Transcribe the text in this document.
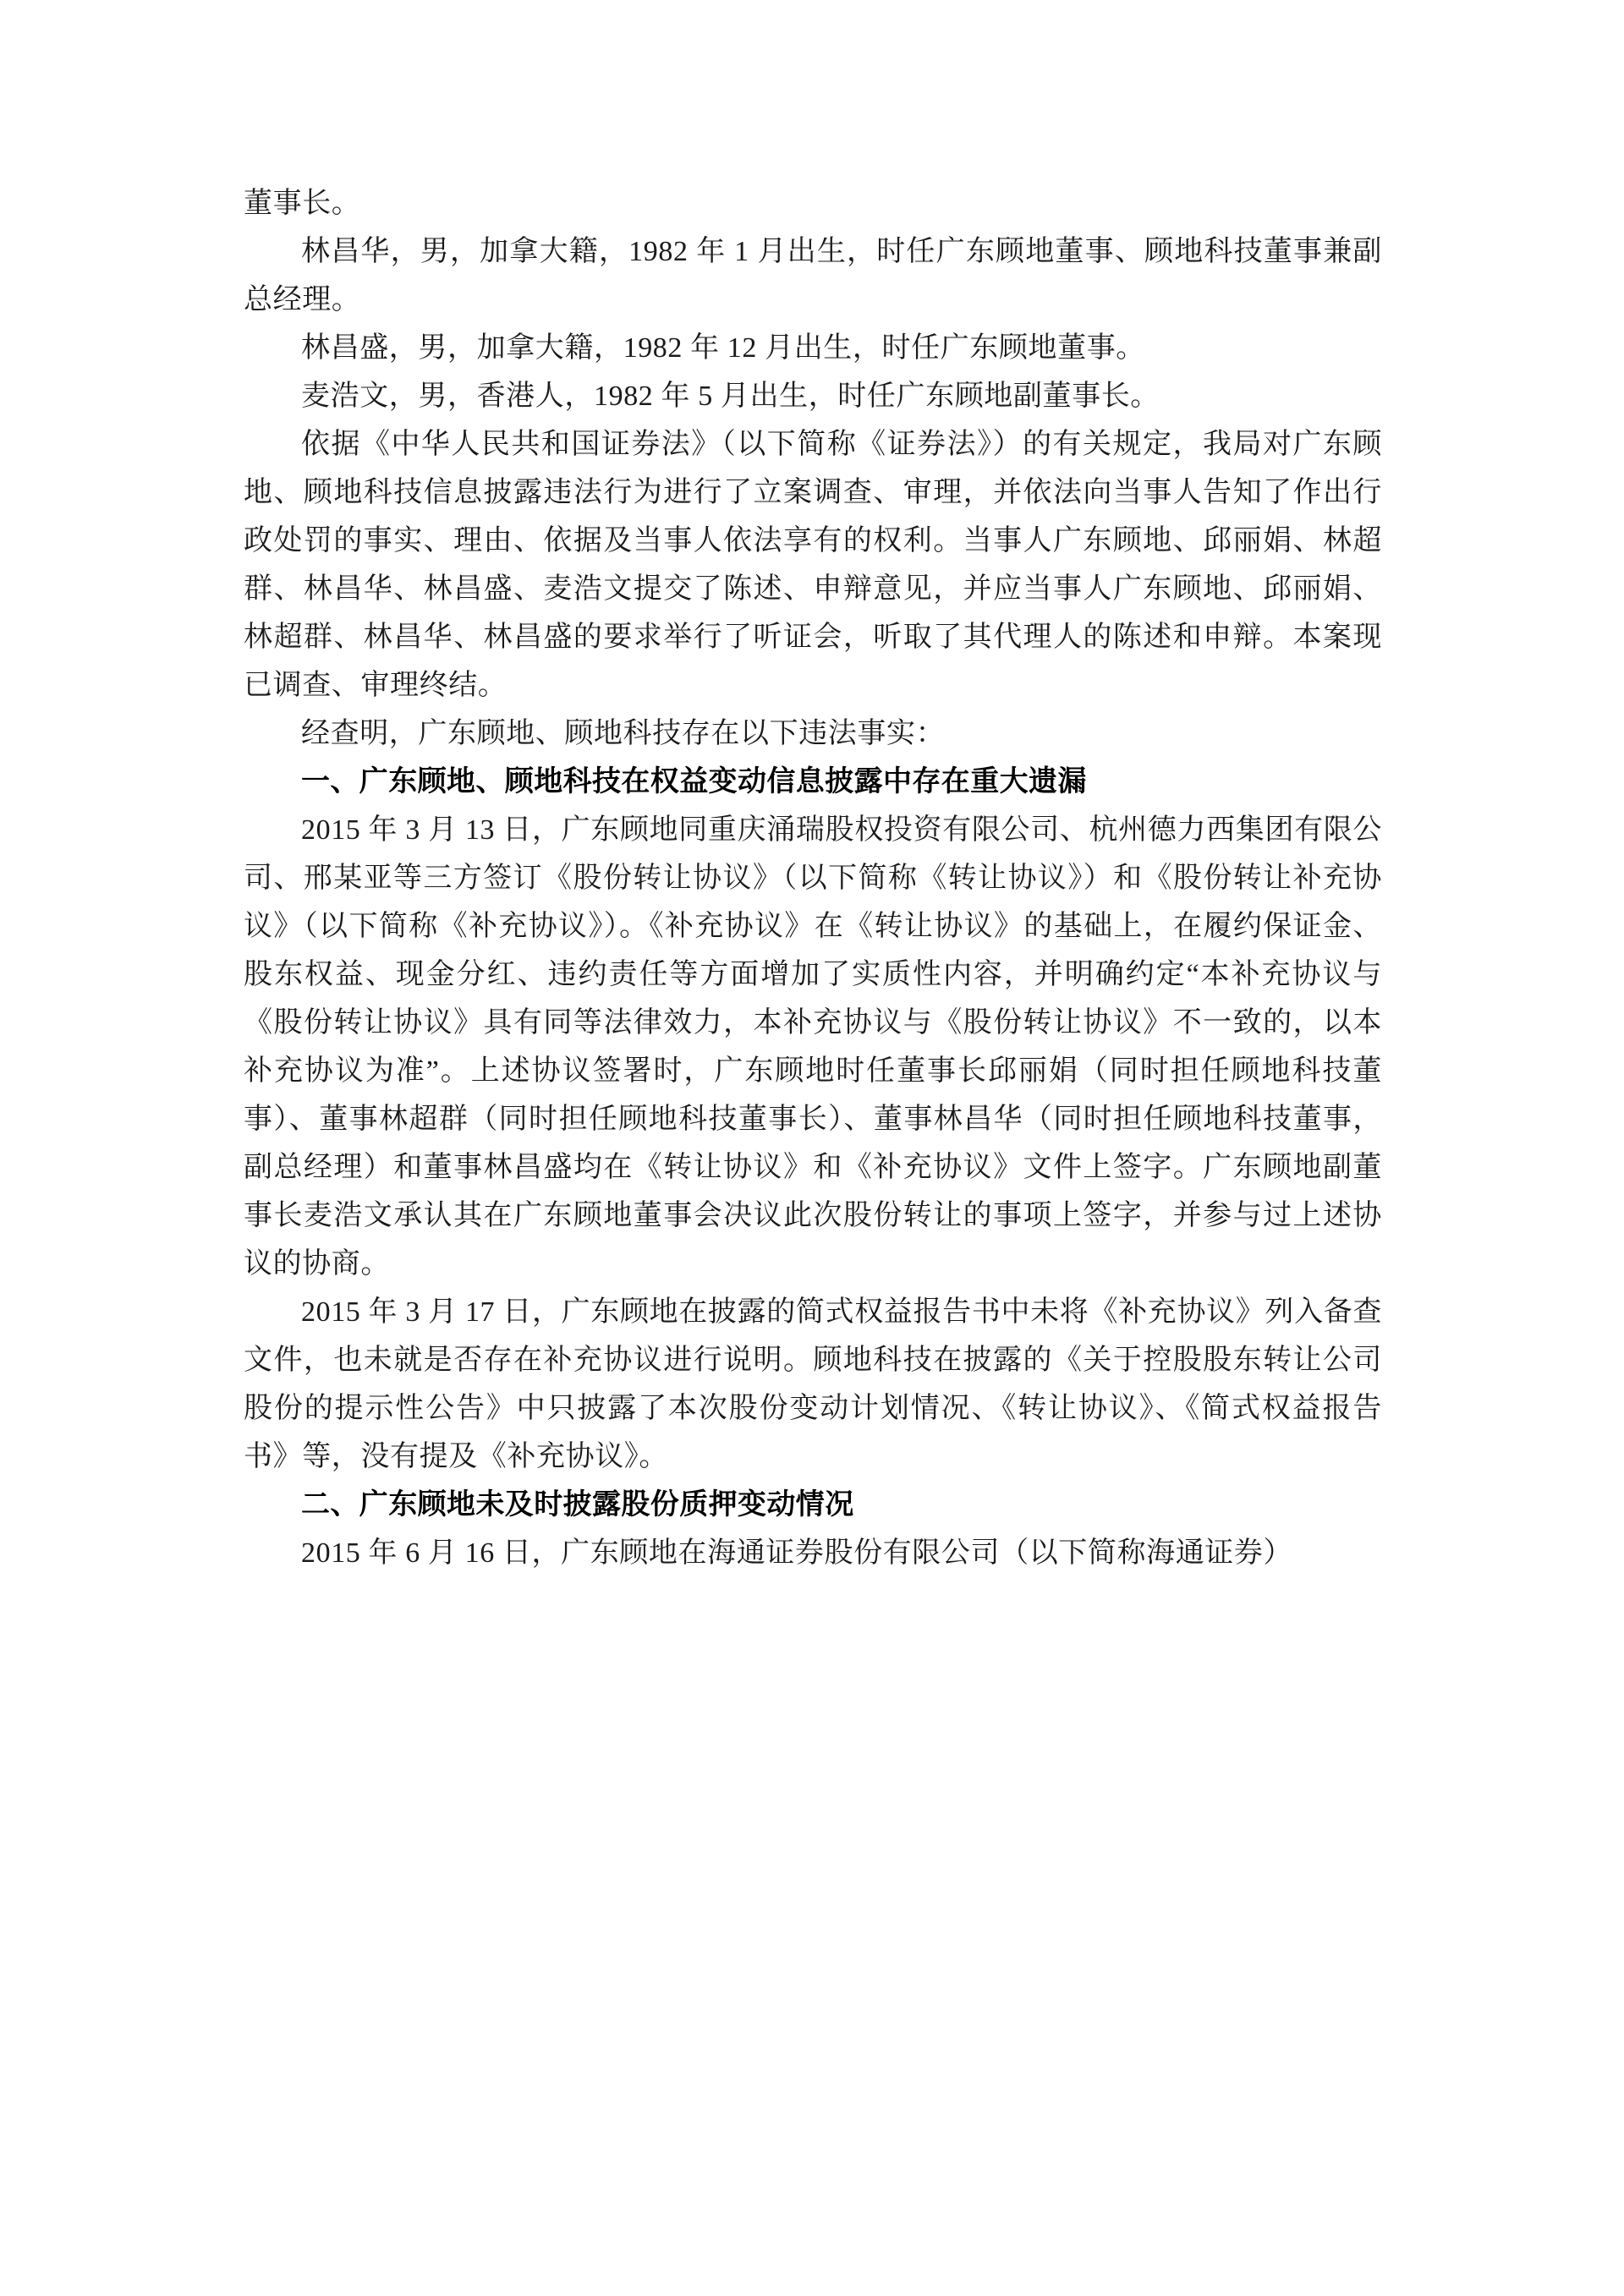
董事长。

林昌华，男，加拿大籍，1982 年 1 月出生，时任广东顾地董事、顾地科技董事兼副总经理。

林昌盛，男，加拿大籍，1982 年 12 月出生，时任广东顾地董事。

麦浩文，男，香港人，1982 年 5 月出生，时任广东顾地副董事长。

依据《中华人民共和国证券法》（以下简称《证券法》）的有关规定，我局对广东顾地、顾地科技信息披露违法行为进行了立案调查、审理，并依法向当事人告知了作出行政处罚的事实、理由、依据及当事人依法享有的权利。当事人广东顾地、邱丽娟、林超群、林昌华、林昌盛、麦浩文提交了陈述、申辩意见，并应当事人广东顾地、邱丽娟、林超群、林昌华、林昌盛的要求举行了听证会，听取了其代理人的陈述和申辩。本案现已调查、审理终结。

经查明，广东顾地、顾地科技存在以下违法事实：

一、广东顾地、顾地科技在权益变动信息披露中存在重大遗漏

2015 年 3 月 13 日，广东顾地同重庆涌瑞股权投资有限公司、杭州德力西集团有限公司、邢某亚等三方签订《股份转让协议》（以下简称《转让协议》）和《股份转让补充协议》（以下简称《补充协议》）。《补充协议》在《转让协议》的基础上，在履约保证金、股东权益、现金分红、违约责任等方面增加了实质性内容，并明确约定“本补充协议与《股份转让协议》具有同等法律效力，本补充协议与《股份转让协议》不一致的，以本补充协议为准”。上述协议签署时，广东顾地时任董事长邱丽娟（同时担任顾地科技董事）、董事林超群（同时担任顾地科技董事长）、董事林昌华（同时担任顾地科技董事，副总经理）和董事林昌盛均在《转让协议》和《补充协议》文件上签字。广东顾地副董事长麦浩文承认其在广东顾地董事会决议此次股份转让的事项上签字，并参与过上述协议的协商。

2015 年 3 月 17 日，广东顾地在披露的简式权益报告书中未将《补充协议》列入备查文件，也未就是否存在补充协议进行说明。顾地科技在披露的《关于控股股东转让公司股份的提示性公告》中只披露了本次股份变动计划情况、《转让协议》、《简式权益报告书》等，没有提及《补充协议》。

二、广东顾地未及时披露股份质押变动情况

2015 年 6 月 16 日，广东顾地在海通证券股份有限公司（以下简称海通证券）
